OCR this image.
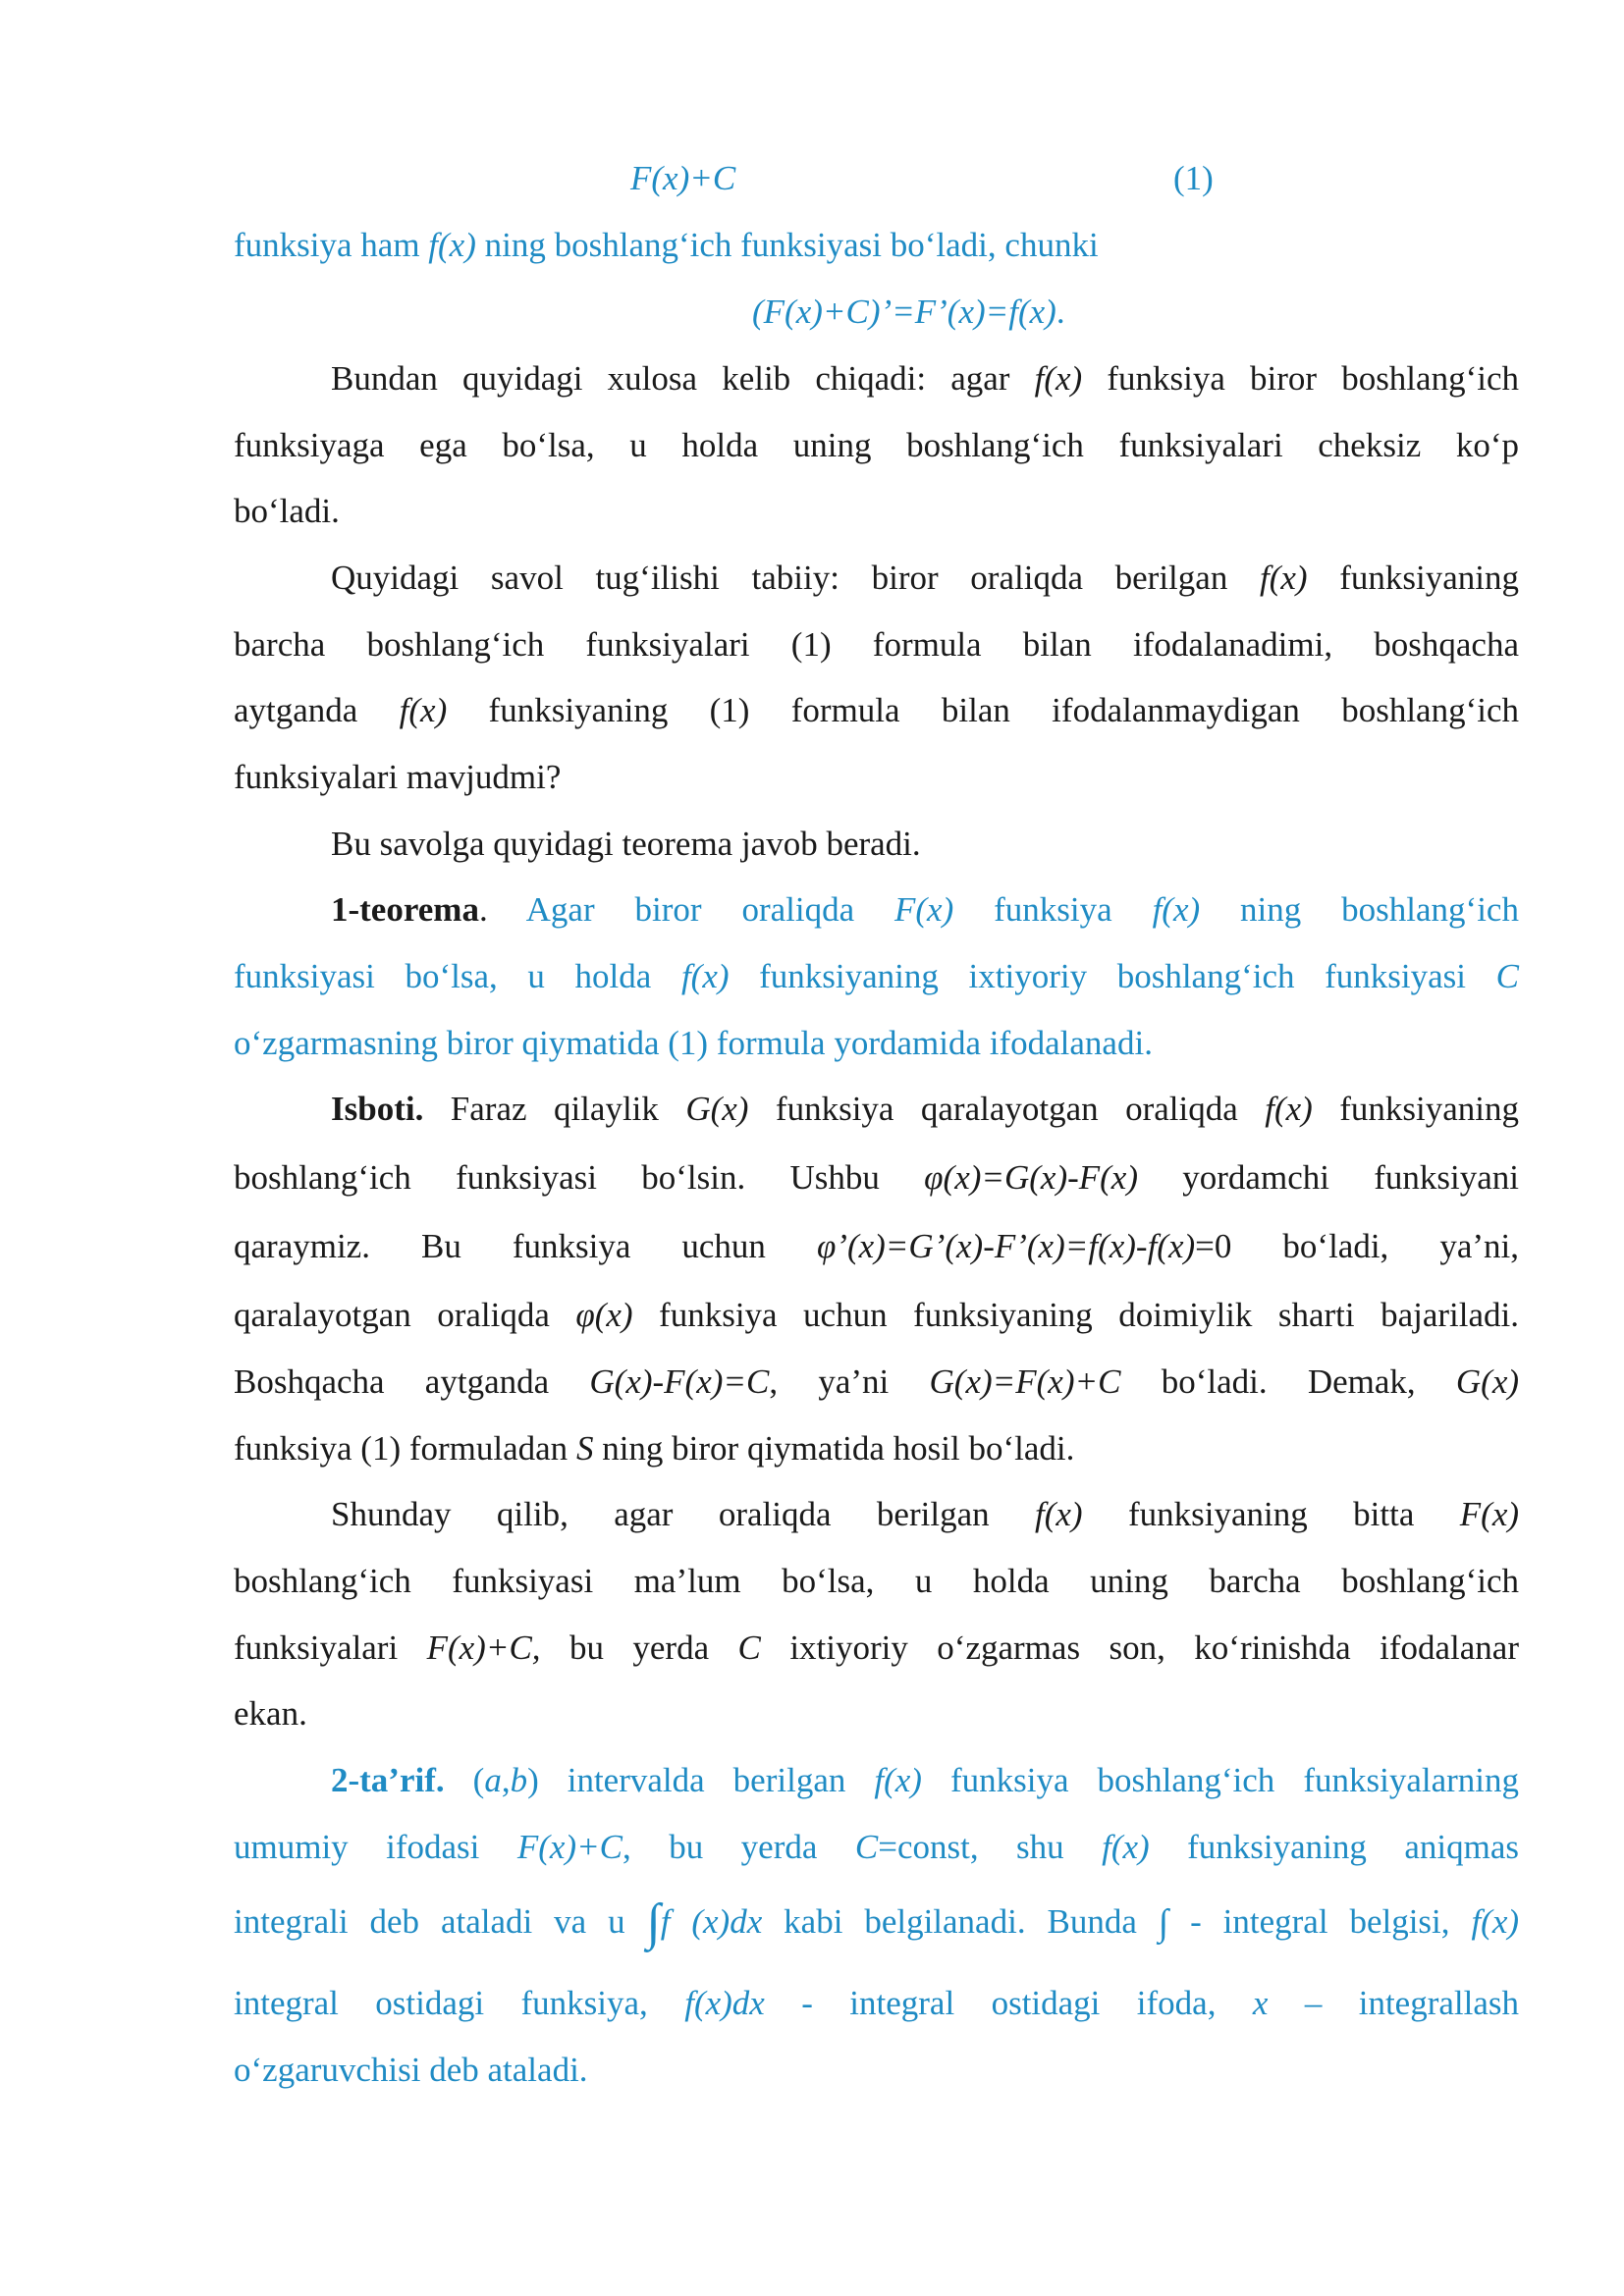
F(x)+C	(1)
funksiya ham f(x) ning boshlang‘ich funksiyasi bo‘ladi, chunki
(F(x)+C)’=F’(x)=f(x).
Bundan quyidagi xulosa kelib chiqadi: agar f(x) funksiya biror boshlang‘ich
funksiyaga ega bo‘lsa, u holda uning boshlang‘ich funksiyalari cheksiz ko‘p
bo‘ladi.
Quyidagi savol tug‘ilishi tabiiy: biror oraliqda berilgan f(x) funksiyaning
barcha boshlang‘ich funksiyalari (1) formula bilan ifodalanadimi, boshqacha
aytganda f(x) funksiyaning (1) formula bilan ifodalanmaydigan boshlang‘ich
funksiyalari mavjudmi?
Bu savolga quyidagi teorema javob beradi.
1-teorema. Agar biror oraliqda F(x) funksiya f(x) ning boshlang‘ich
funksiyasi bo‘lsa, u holda f(x) funksiyaning ixtiyoriy boshlang‘ich funksiyasi C
o‘zgarmasning biror qiymatida (1) formula yordamida ifodalanadi.
Isboti. Faraz qilaylik G(x) funksiya qaralayotgan oraliqda f(x) funksiyaning
boshlang‘ich funksiyasi bo‘lsin. Ushbu φ(x)=G(x)-F(x) yordamchi funksiyani
qaraymiz. Bu funksiya uchun φ’(x)=G’(x)-F’(x)=f(x)-f(x)=0 bo‘ladi, ya’ni,
qaralayotgan oraliqda φ(x) funksiya uchun funksiyaning doimiylik sharti bajariladi.
Boshqacha aytganda G(x)-F(x)=C, ya’ni G(x)=F(x)+C bo‘ladi. Demak, G(x)
funksiya (1) formuladan S ning biror qiymatida hosil bo‘ladi.
Shunday qilib, agar oraliqda berilgan f(x) funksiyaning bitta F(x)
boshlang‘ich funksiyasi ma’lum bo‘lsa, u holda uning barcha boshlang‘ich
funksiyalari F(x)+C, bu yerda C ixtiyoriy o‘zgarmas son, ko‘rinishda ifodalanar
ekan.
2-ta’rif. (a,b) intervalda berilgan f(x) funksiya boshlang‘ich funksiyalarning
umumiy ifodasi F(x)+C, bu yerda C=const, shu f(x) funksiyaning aniqmas
integrali deb ataladi va u ∫f (x)dx kabi belgilanadi. Bunda ∫ - integral belgisi, f(x)
integral ostidagi funksiya, f(x)dx - integral ostidagi ifoda, x – integrallash
o‘zgaruvchisi deb ataladi.
